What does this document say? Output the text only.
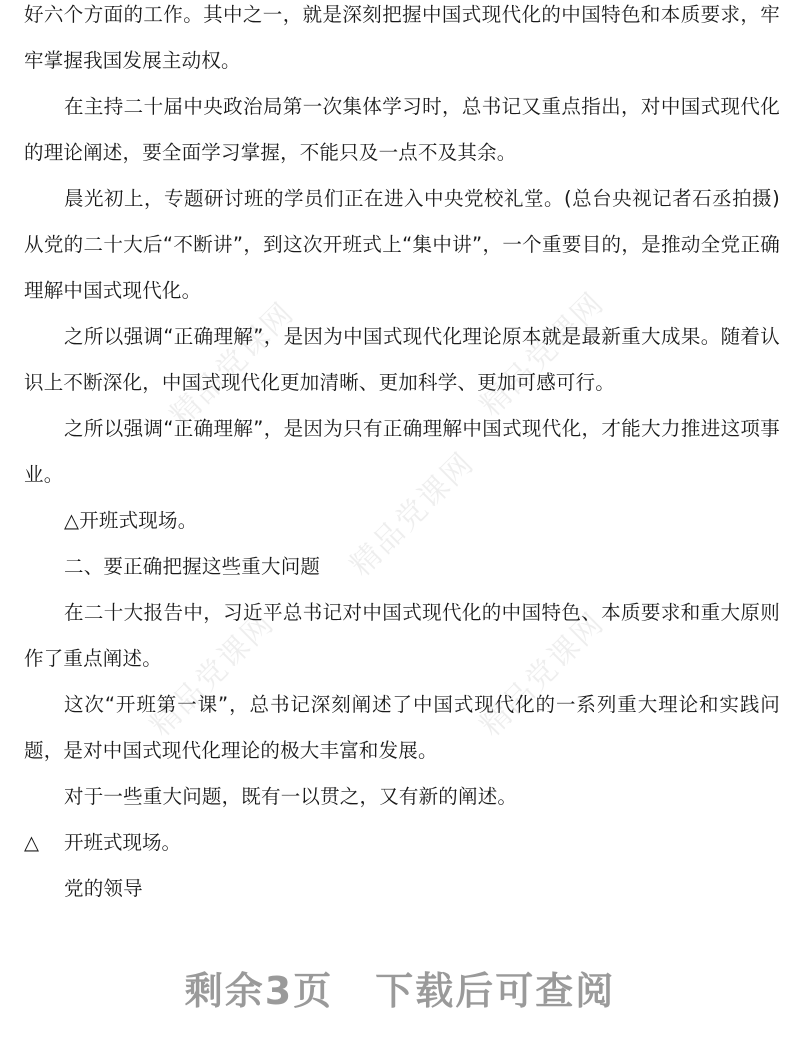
精品党课网	精品党课网
精品党课网
精品党课网	精品党课网

好六个方面的工作。其中之一，就是深刻把握中国式现代化的中国特色和本质要求，牢牢掌握我国发展主动权。

在主持二十届中央政治局第一次集体学习时，总书记又重点指出，对中国式现代化的理论阐述，要全面学习掌握，不能只及一点不及其余。

晨光初上，专题研讨班的学员们正在进入中央党校礼堂。(总台央视记者石丞拍摄)从党的二十大后“不断讲”，到这次开班式上“集中讲”，一个重要目的，是推动全党正确理解中国式现代化。

之所以强调“正确理解”，是因为中国式现代化理论原本就是最新重大成果。随着认识上不断深化，中国式现代化更加清晰、更加科学、更加可感可行。

之所以强调“正确理解”，是因为只有正确理解中国式现代化，才能大力推进这项事业。

△开班式现场。

二、要正确把握这些重大问题

在二十大报告中，习近平总书记对中国式现代化的中国特色、本质要求和重大原则作了重点阐述。

这次“开班第一课”，总书记深刻阐述了中国式现代化的一系列重大理论和实践问题，是对中国式现代化理论的极大丰富和发展。

对于一些重大问题，既有一以贯之，又有新的阐述。

△	开班式现场。

党的领导

剩余3页 下载后可查阅
